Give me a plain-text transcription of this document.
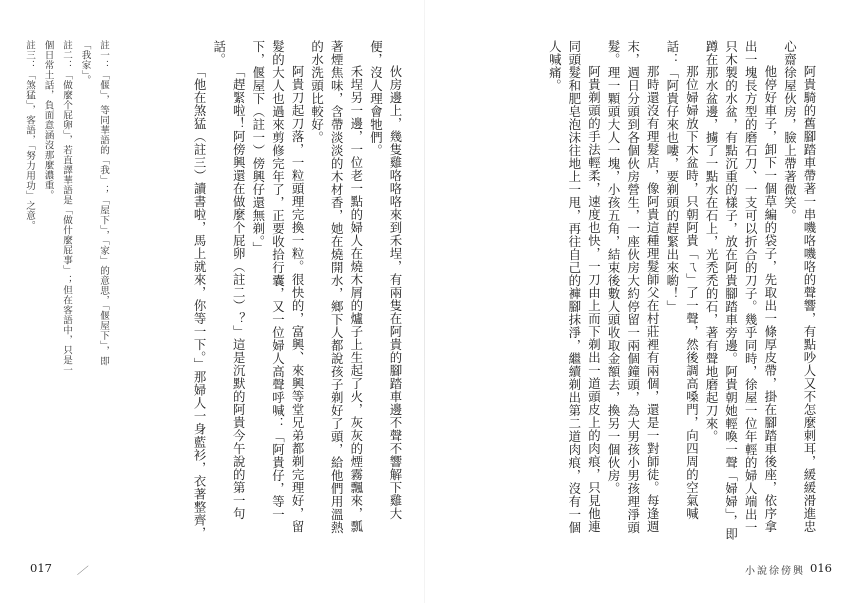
伙房邊上，幾隻雞咯咯咯來到禾埕，有兩隻在阿貴的腳踏車邊不聲不響解下雞大便，沒人理會牠們。

禾埕另一邊，一位老一點的婦人在燒木屑的爐子上生起了火，灰灰的煙霧飄來，瓢著煙焦味，含帶淡淡的木材香，她在燒開水，鄉下人都說孩子剃好了頭，給他們用溫熱的水洗頭比較好。

阿貴刀起刀落，一粒頭理完換一粒。很快的，富興、來興等堂兄弟都剃完理好，留髮的大人也過來剪修完年了，正要收拾行囊，又一位婦人高聲呼喊：「阿貴仔，等一下，偃屋下（註一）傍興仔還無剃。」

「趕緊啦！阿傍興還在做麼个屁卵（註二）？」這是沉默的阿貴今午說的第一句話。

「他在煞猛（註三）讀書啦，馬上就來，你等一下。」那婦人一身藍衫，衣著整齊，

註一：「偃」，等同華語的「我」；「屋下」，「家」的意思，「偃屋下」，即「我家」。

註二：「做麼个屁卵」，若直譯華語是「做什麼屁事」；但在客語中，只是一個日常土話，負面意涵沒那麼濃重。

註三：「煞猛」，客語，「努力用功」之意。

017 ／

阿貴騎的舊腳踏車帶著一串嘰咯嘰咯的聲響，有點吵人又不怎麼刺耳，緩緩滑進忠心齋徐屋伙房，臉上帶著微笑。

他停好車子，卸下一個草編的袋子，先取出一條厚皮帶，掛在腳踏車後座，依序拿出一塊長方型的磨石刀、一支可以折合的刀子。幾乎同時，徐屋一位年輕的婦人端出一只木製的水盆，有點沉重的樣子，放在阿貴腳踏車旁邊。阿貴朝她輕喚一聲「婦婦」，即蹲在那水盆邊，擄了一點水在石上，光禿禿的石，著有聲地磨起刀來。

那位婦婦放下木盆時，只朝阿貴「ㄟ」了一聲，然後調高嗓門，向四周的空氣喊話：「阿貴仔來也嘍，要剃頭的趕緊出來喲！」

那時還沒有理髮店，像阿貴這種理髮師父在村莊裡有兩個，還是一對師徒。每逢週末，週日分頭到各個伙房營生，一座伙房大約停留一兩個鐘頭，為大男孩小男孩理淨頭髮。理一顆頭大人一塊，小孩五角，結束後數人頭收取金額去，換另一個伙房。

阿貴剃頭的手法輕柔，速度也快，一刀由上而下剃出一道頭皮上的肉痕，只見他連同頭髮和肥皂泡沫往地上一甩，再往自己的褲腳抹淨，繼續剃出第二道肉痕，沒有一個人喊痛。

小說徐傍興 016
